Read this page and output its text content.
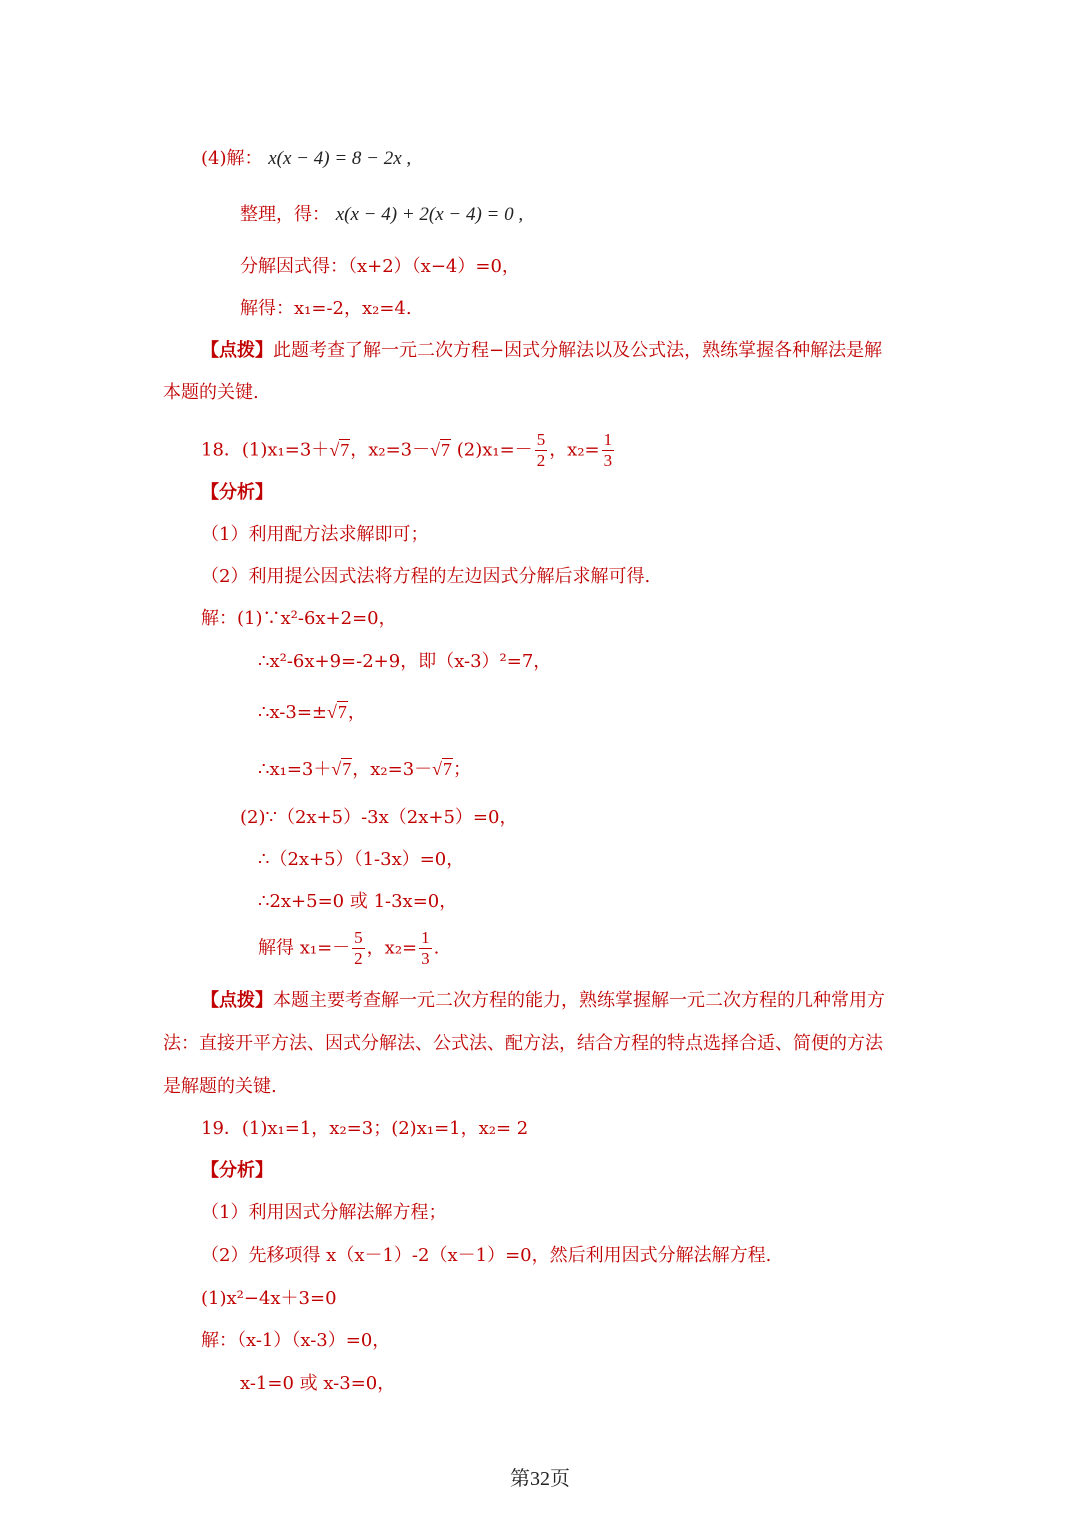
(4)解： x(x − 4) = 8 − 2x ,
整理，得： x(x − 4) + 2(x − 4) = 0 ,
分解因式得：（x+2）（x−4）=0，
解得：x₁=-2，x₂=4.
【点拨】此题考查了解一元二次方程−因式分解法以及公式法，熟练掌握各种解法是解
本题的关键.
18．(1)x₁=3＋√7，x₂=3－√7 $(2)x_1=- \frac{5}{2}$ ，$x_2= \frac{1}{3}$
【分析】
（1）利用配方法求解即可；
（2）利用提公因式法将方程的左边因式分解后求解可得.
解：(1)∵x²-6x+2=0，
∴x²-6x+9=-2+9，即（x-3）²=7，
∴x-3=±√7，
∴x₁=3＋√7，x₂=3－√7；
(2)∵（2x+5）-3x（2x+5）=0，
∴（2x+5）（1-3x）=0，
∴2x+5=0 或 1-3x=0，
解得 $x_1=- \frac{5}{2}$ ，$x_2= \frac{1}{3}$ .
【点拨】本题主要考查解一元二次方程的能力，熟练掌握解一元二次方程的几种常用方
法：直接开平方法、因式分解法、公式法、配方法，结合方程的特点选择合适、简便的方法
是解题的关键.
19．(1)x₁=1，x₂=3；(2)x₁=1，x₂= 2
【分析】
（1）利用因式分解法解方程；
（2）先移项得 x（x－1）-2（x－1）=0，然后利用因式分解法解方程.
(1)x²−4x＋3=0
解：（x-1）（x-3）=0，
x-1=0 或 x-3=0，
第32页
